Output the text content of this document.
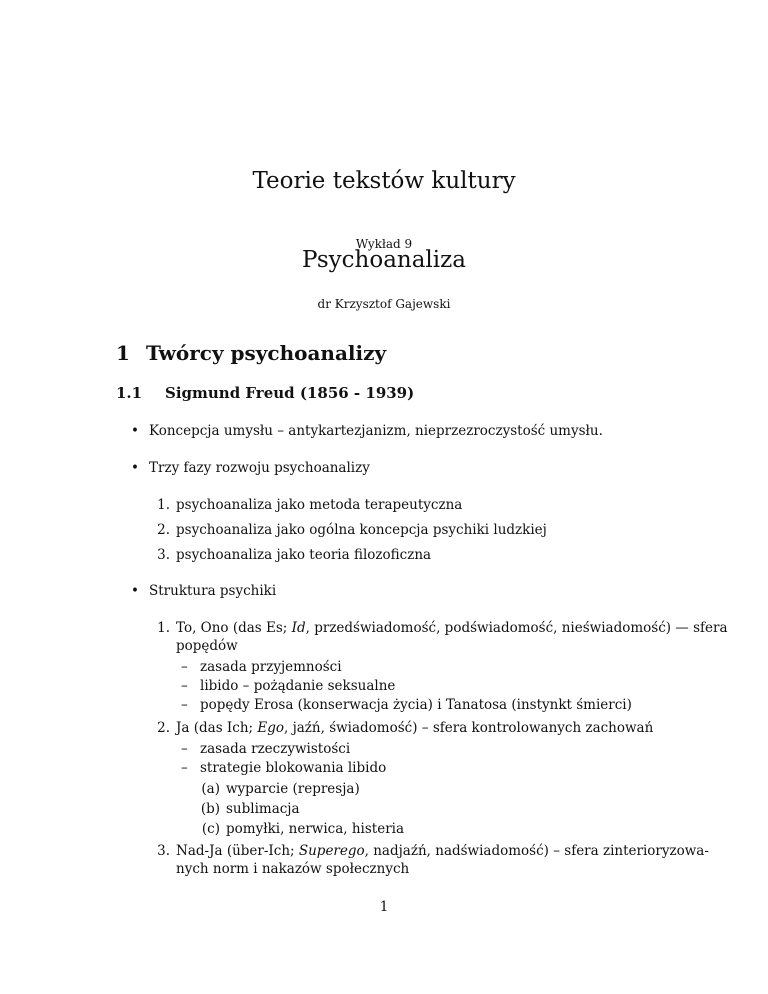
Teorie tekstów kultury
Wykład 9
Psychoanaliza
dr Krzysztof Gajewski
1 Twórcy psychoanalizy
1.1 Sigmund Freud (1856 - 1939)
• Koncepcja umysłu – antykartezjanizm, nieprzezroczystość umysłu.
• Trzy fazy rozwoju psychoanalizy
1. psychoanaliza jako metoda terapeutyczna
2. psychoanaliza jako ogólna koncepcja psychiki ludzkiej
3. psychoanaliza jako teoria filozoficzna
• Struktura psychiki
1. To, Ono (das Es; Id, przedświadomość, podświadomość, nieświadomość) — sfera
popędów
– zasada przyjemności
– libido – pożądanie seksualne
– popędy Erosa (konserwacja życia) i Tanatosa (instynkt śmierci)
2. Ja (das Ich; Ego, jaźń, świadomość) – sfera kontrolowanych zachowań
– zasada rzeczywistości
– strategie blokowania libido
(a) wyparcie (represja)
(b) sublimacja
(c) pomyłki, nerwica, histeria
3. Nad-Ja (über-Ich; Superego, nadjaźń, nadświadomość) – sfera zinterioryzowa-
nych norm i nakazów społecznych
1
